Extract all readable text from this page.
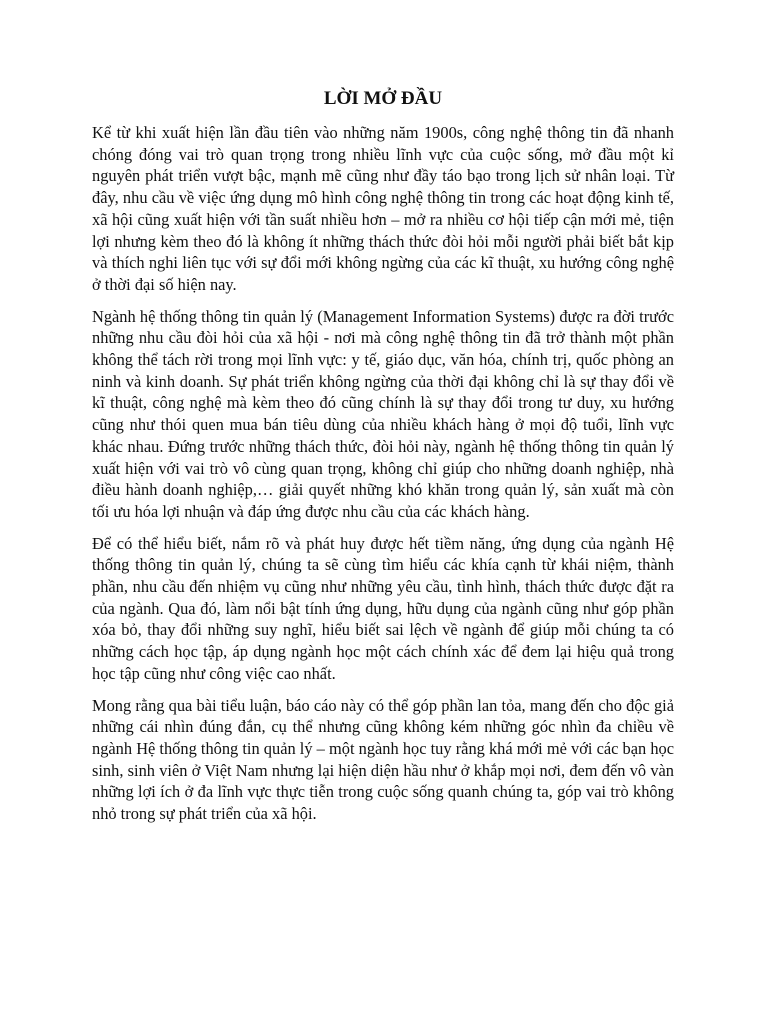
LỜI MỞ ĐẦU

Kể từ khi xuất hiện lần đầu tiên vào những năm 1900s, công nghệ thông tin đã nhanh chóng đóng vai trò quan trọng trong nhiều lĩnh vực của cuộc sống, mở đầu một kỉ nguyên phát triển vượt bậc, mạnh mẽ cũng như đầy táo bạo trong lịch sử nhân loại. Từ đây, nhu cầu về việc ứng dụng mô hình công nghệ thông tin trong các hoạt động kinh tế, xã hội cũng xuất hiện với tần suất nhiều hơn – mở ra nhiều cơ hội tiếp cận mới mẻ, tiện lợi nhưng kèm theo đó là không ít những thách thức đòi hỏi mỗi người phải biết bắt kịp và thích nghi liên tục với sự đổi mới không ngừng của các kĩ thuật, xu hướng công nghệ ở thời đại số hiện nay.

Ngành hệ thống thông tin quản lý (Management Information Systems) được ra đời trước những nhu cầu đòi hỏi của xã hội - nơi mà công nghệ thông tin đã trở thành một phần không thể tách rời trong mọi lĩnh vực: y tế, giáo dục, văn hóa, chính trị, quốc phòng an ninh và kinh doanh. Sự phát triển không ngừng của thời đại không chỉ là sự thay đổi về kĩ thuật, công nghệ mà kèm theo đó cũng chính là sự thay đổi trong tư duy, xu hướng cũng như thói quen mua bán tiêu dùng của nhiều khách hàng ở mọi độ tuổi, lĩnh vực khác nhau. Đứng trước những thách thức, đòi hỏi này, ngành hệ thống thông tin quản lý xuất hiện với vai trò vô cùng quan trọng, không chỉ giúp cho những doanh nghiệp, nhà điều hành doanh nghiệp,… giải quyết những khó khăn trong quản lý, sản xuất mà còn tối ưu hóa lợi nhuận và đáp ứng được nhu cầu của các khách hàng.

Để có thể hiểu biết, nắm rõ và phát huy được hết tiềm năng, ứng dụng của ngành Hệ thống thông tin quản lý, chúng ta sẽ cùng tìm hiểu các khía cạnh từ khái niệm, thành phần, nhu cầu đến nhiệm vụ cũng như những yêu cầu, tình hình, thách thức được đặt ra của ngành. Qua đó, làm nổi bật tính ứng dụng, hữu dụng của ngành cũng như góp phần xóa bỏ, thay đổi những suy nghĩ, hiểu biết sai lệch về ngành để giúp mỗi chúng ta có những cách học tập, áp dụng ngành học một cách chính xác để đem lại hiệu quả trong học tập cũng như công việc cao nhất.

Mong rằng qua bài tiểu luận, báo cáo này có thể góp phần lan tỏa, mang đến cho độc giả những cái nhìn đúng đắn, cụ thể nhưng cũng không kém những góc nhìn đa chiều về ngành Hệ thống thông tin quản lý – một ngành học tuy rằng khá mới mẻ với các bạn học sinh, sinh viên ở Việt Nam nhưng lại hiện diện hầu như ở khắp mọi nơi, đem đến vô vàn những lợi ích ở đa lĩnh vực thực tiễn trong cuộc sống quanh chúng ta, góp vai trò không nhỏ trong sự phát triển của xã hội.
